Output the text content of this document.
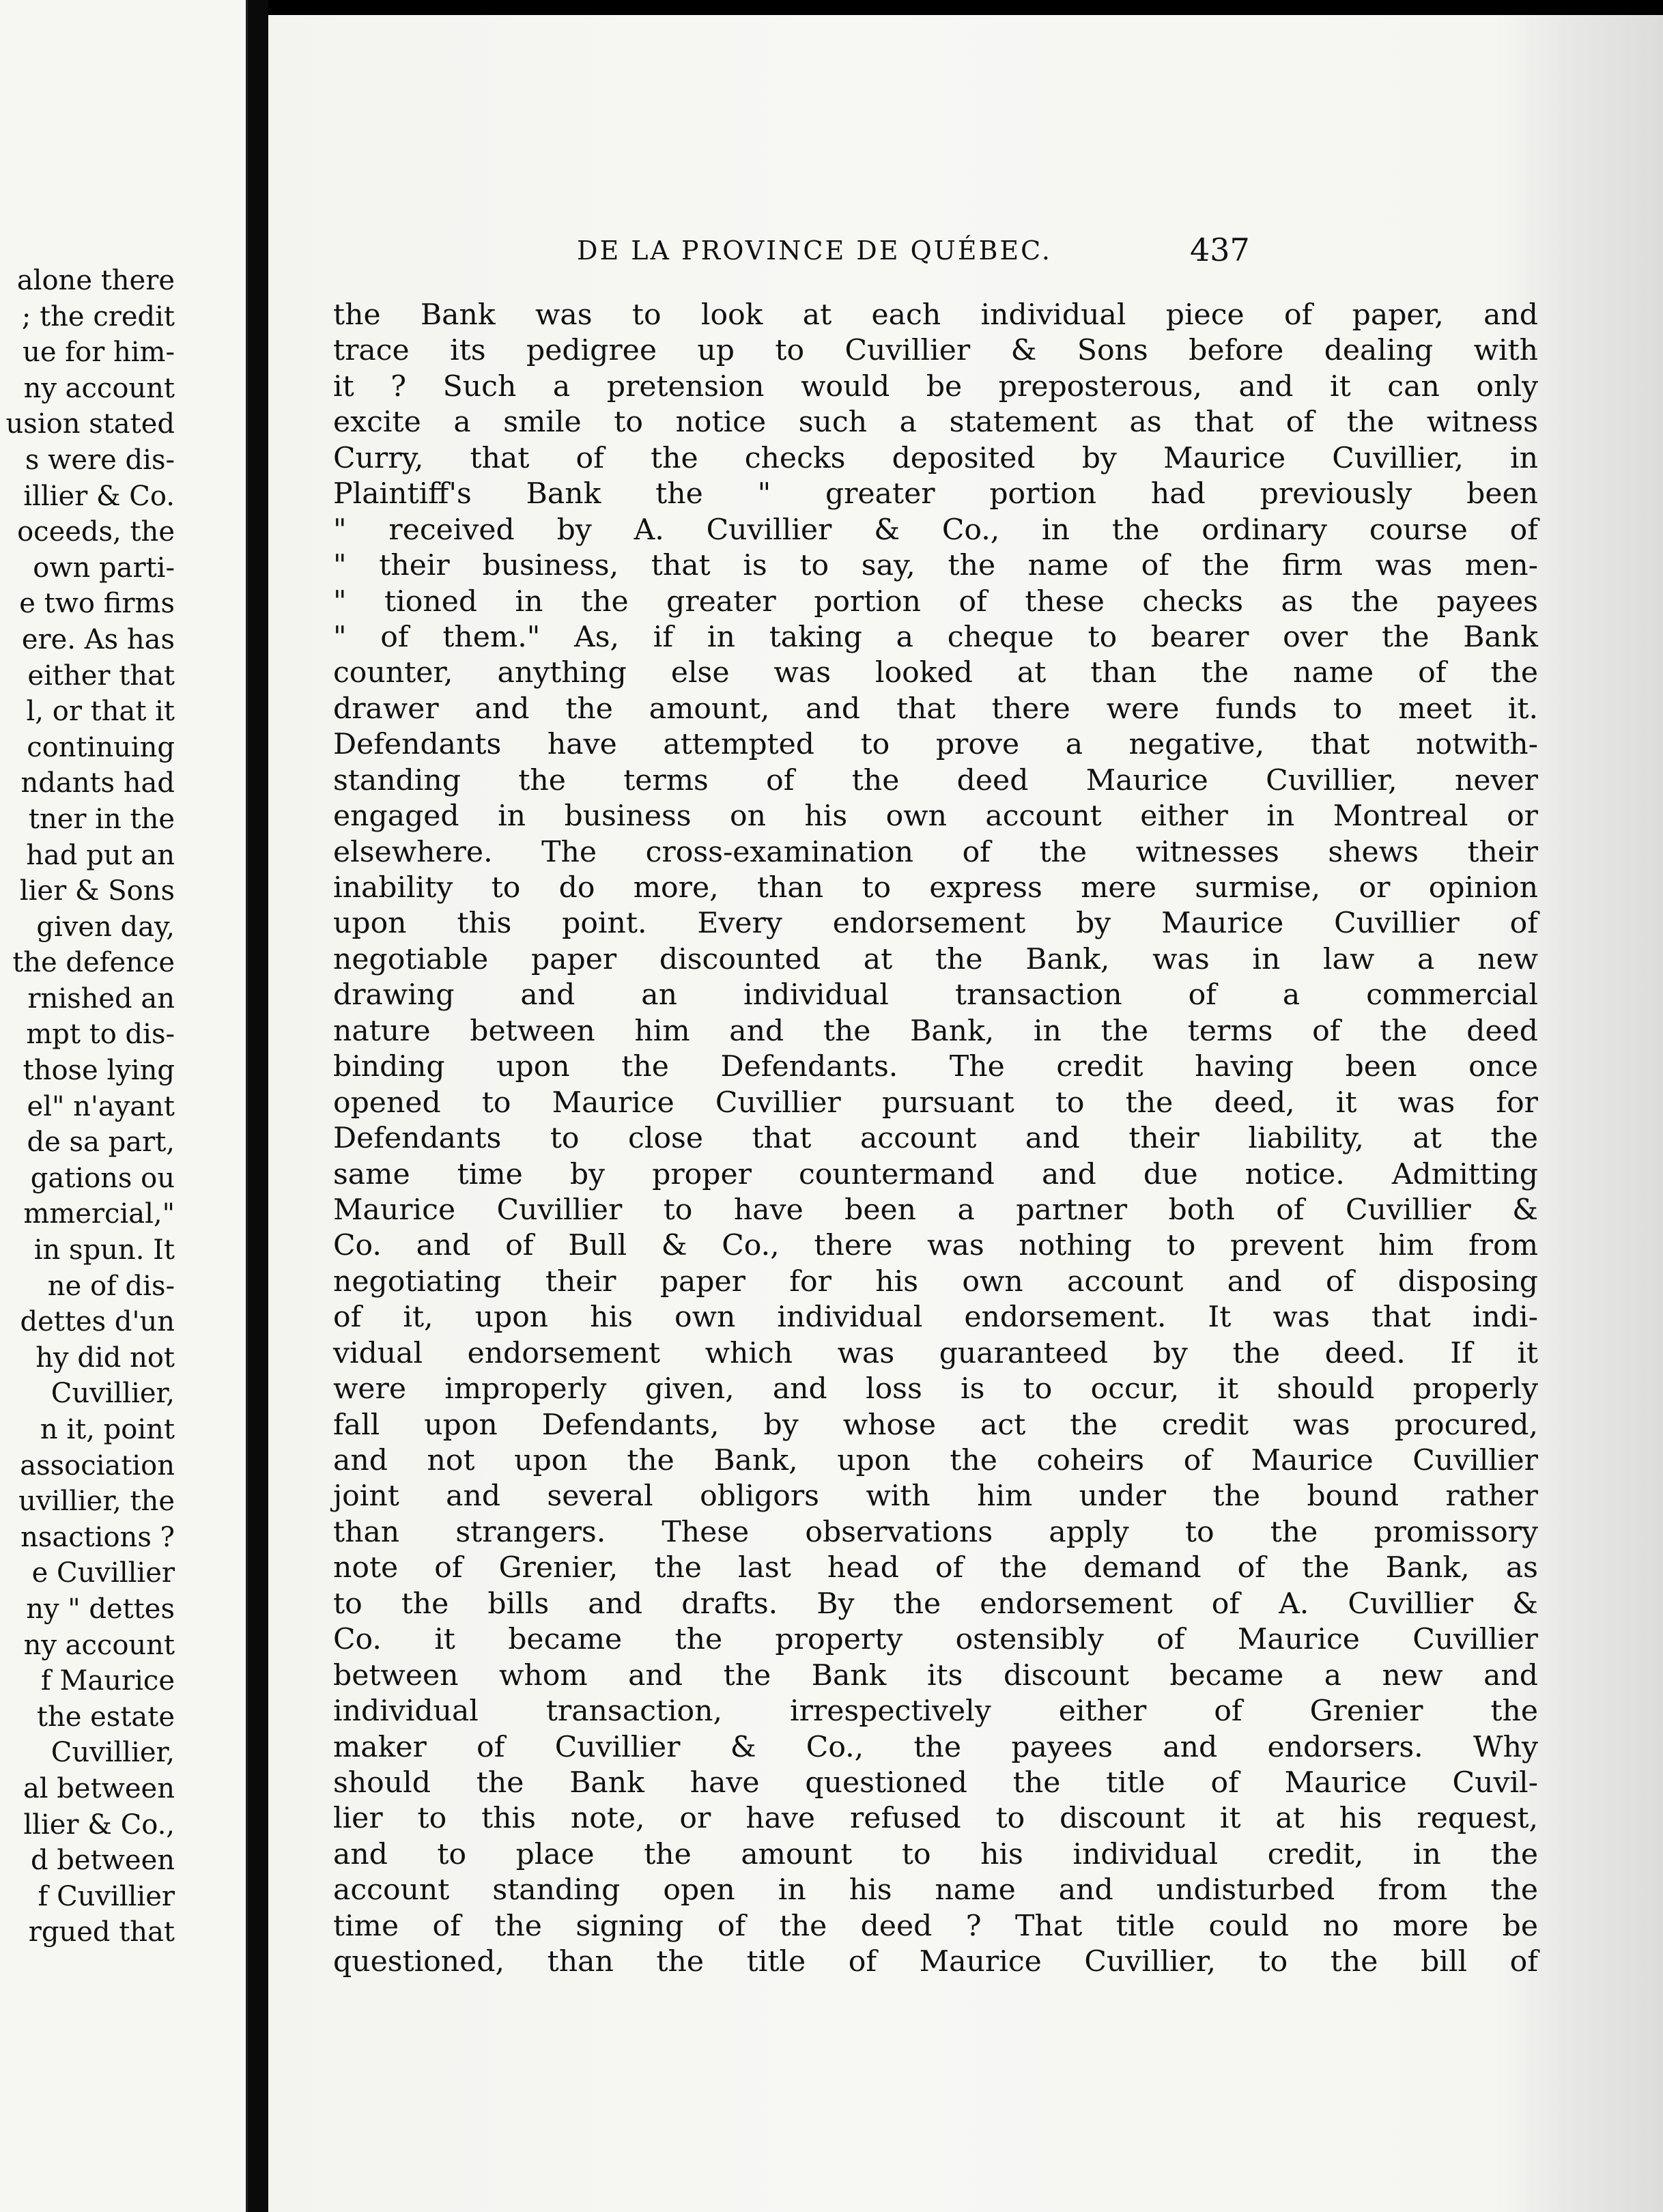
alone there
; the credit
ue for him-
ny account
usion stated
s were dis-
illier & Co.
oceeds, the
own parti-
e two firms
ere. As has
either that
l, or that it
continuing
ndants had
tner in the
had put an
lier & Sons
given day,
the defence
rnished an
mpt to dis-
those lying
el" n'ayant
de sa part,
gations ou
mmercial,"
in spun. It
ne of dis-
dettes d'un
hy did not
Cuvillier,
n it, point
association
uvillier, the
nsactions ?
e Cuvillier
ny " dettes
ny account
f Maurice
the estate
Cuvillier,
al between
llier & Co.,
d between
f Cuvillier
rgued that
DE LA PROVINCE DE QUÉBEC.	437
the Bank was to look at each individual piece of paper, and
trace its pedigree up to Cuvillier & Sons before dealing with
it ? Such a pretension would be preposterous, and it can only
excite a smile to notice such a statement as that of the witness
Curry, that of the checks deposited by Maurice Cuvillier, in
Plaintiff's Bank the " greater portion had previously been
" received by A. Cuvillier & Co., in the ordinary course of
" their business, that is to say, the name of the firm was men-
" tioned in the greater portion of these checks as the payees
" of them." As, if in taking a cheque to bearer over the Bank
counter, anything else was looked at than the name of the
drawer and the amount, and that there were funds to meet it.
Defendants have attempted to prove a negative, that notwith-
standing the terms of the deed Maurice Cuvillier, never
engaged in business on his own account either in Montreal or
elsewhere. The cross-examination of the witnesses shews their
inability to do more, than to express mere surmise, or opinion
upon this point. Every endorsement by Maurice Cuvillier of
negotiable paper discounted at the Bank, was in law a new
drawing and an individual transaction of a commercial
nature between him and the Bank, in the terms of the deed
binding upon the Defendants. The credit having been once
opened to Maurice Cuvillier pursuant to the deed, it was for
Defendants to close that account and their liability, at the
same time by proper countermand and due notice. Admitting
Maurice Cuvillier to have been a partner both of Cuvillier &
Co. and of Bull & Co., there was nothing to prevent him from
negotiating their paper for his own account and of disposing
of it, upon his own individual endorsement. It was that indi-
vidual endorsement which was guaranteed by the deed. If it
were improperly given, and loss is to occur, it should properly
fall upon Defendants, by whose act the credit was procured,
and not upon the Bank, upon the coheirs of Maurice Cuvillier
joint and several obligors with him under the bound rather
than strangers. These observations apply to the promissory
note of Grenier, the last head of the demand of the Bank, as
to the bills and drafts. By the endorsement of A. Cuvillier &
Co. it became the property ostensibly of Maurice Cuvillier
between whom and the Bank its discount became a new and
individual transaction, irrespectively either of Grenier the
maker of Cuvillier & Co., the payees and endorsers. Why
should the Bank have questioned the title of Maurice Cuvil-
lier to this note, or have refused to discount it at his request,
and to place the amount to his individual credit, in the
account standing open in his name and undisturbed from the
time of the signing of the deed ? That title could no more be
questioned, than the title of Maurice Cuvillier, to the bill of
